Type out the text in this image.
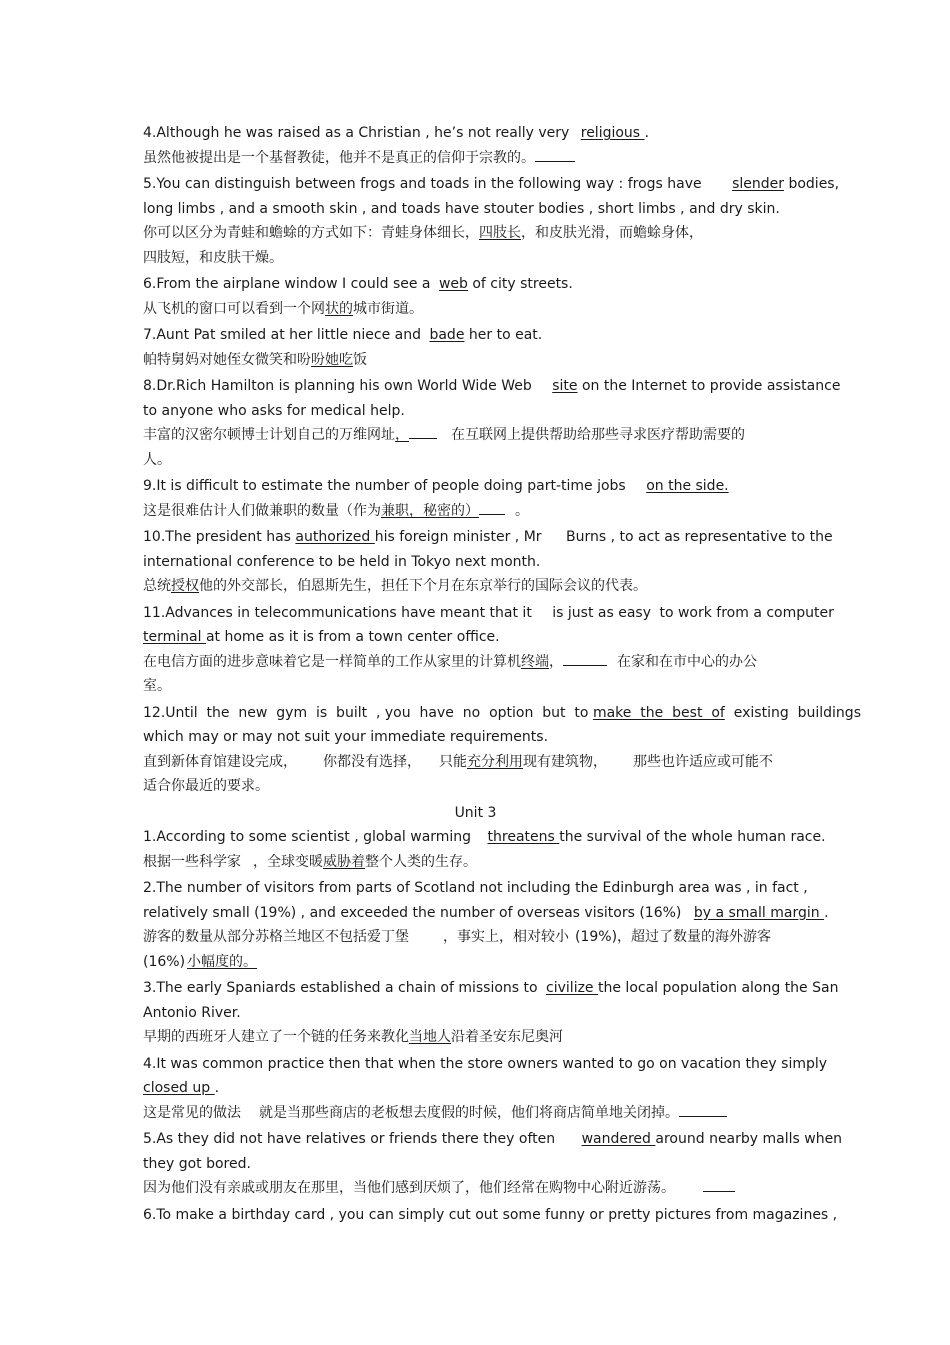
4.Although he was raised as a Christian , he’s not really very religious .

虽然他被提出是一个基督教徒，他并不是真正的信仰于宗教的。

5.You can distinguish between frogs and toads in the following way : frogs have slender bodies,

long limbs , and a smooth skin , and toads have stouter bodies , short limbs , and dry skin.

你可以区分为青蛙和蟾蜍的方式如下：青蛙身体细长，四肢长，和皮肤光滑，而蟾蜍身体，

四肢短，和皮肤干燥。

6.From the airplane window I could see a web of city streets.

从飞机的窗口可以看到一个网状的城市街道。

7.Aunt Pat smiled at her little niece and bade her to eat.

帕特舅妈对她侄女微笑和吩吩她吃饭

8.Dr.Rich Hamilton is planning his own World Wide Web site on the Internet to provide assistance

to anyone who asks for medical help.

丰富的汉密尔顿博士计划自己的万维网址，	在互联网上提供帮助给那些寻求医疗帮助需要的

人。

9.It is difficult to estimate the number of people doing part-time jobs on the side.

这是很难估计人们做兼职的数量（作为兼职，秘密的）	。

10.The president has authorized his foreign minister , Mr Burns , to act as representative to the

international conference to be held in Tokyo next month.

总统授权他的外交部长，伯恩斯先生，担任下个月在东京举行的国际会议的代表。

11.Advances in telecommunications have meant that it is just as easy to work from a computer

terminal at home as it is from a town center office.

在电信方面的进步意味着它是一样简单的工作从家里的计算机终端，	在家和在市中心的办公

室。

12.Until  the  new  gym  is  built  , you  have  no  option  but  to make  the  best  of  existing  buildings

which may or may not suit your immediate requirements.

直到新体育馆建设完成， 你都没有选择， 只能充分利用现有建筑物， 那些也许适应或可能不

适合你最近的要求。

Unit 3

1.According to some scientist , global warming threatens the survival of the whole human race.

根据一些科学家 ，全球变暖威胁着整个人类的生存。

2.The number of visitors from parts of Scotland not including the Edinburgh area was , in fact ,

relatively small (19%) , and exceeded the number of overseas visitors (16%) by a small margin .

游客的数量从部分苏格兰地区不包括爱丁堡 ，事实上，相对较小 (19%)，超过了数量的海外游客

(16%) 小幅度的。

3.The early Spaniards established a chain of missions to civilize the local population along the San

Antonio River.

早期的西班牙人建立了一个链的任务来教化当地人沿着圣安东尼奥河

4.It was common practice then that when the store owners wanted to go on vacation they simply

closed up .

这是常见的做法 就是当那些商店的老板想去度假的时候，他们将商店简单地关闭掉。

5.As they did not have relatives or friends there they often wandered around nearby malls when

they got bored.

因为他们没有亲戚或朋友在那里，当他们感到厌烦了，他们经常在购物中心附近游荡。

6.To make a birthday card , you can simply cut out some funny or pretty pictures from magazines ,
